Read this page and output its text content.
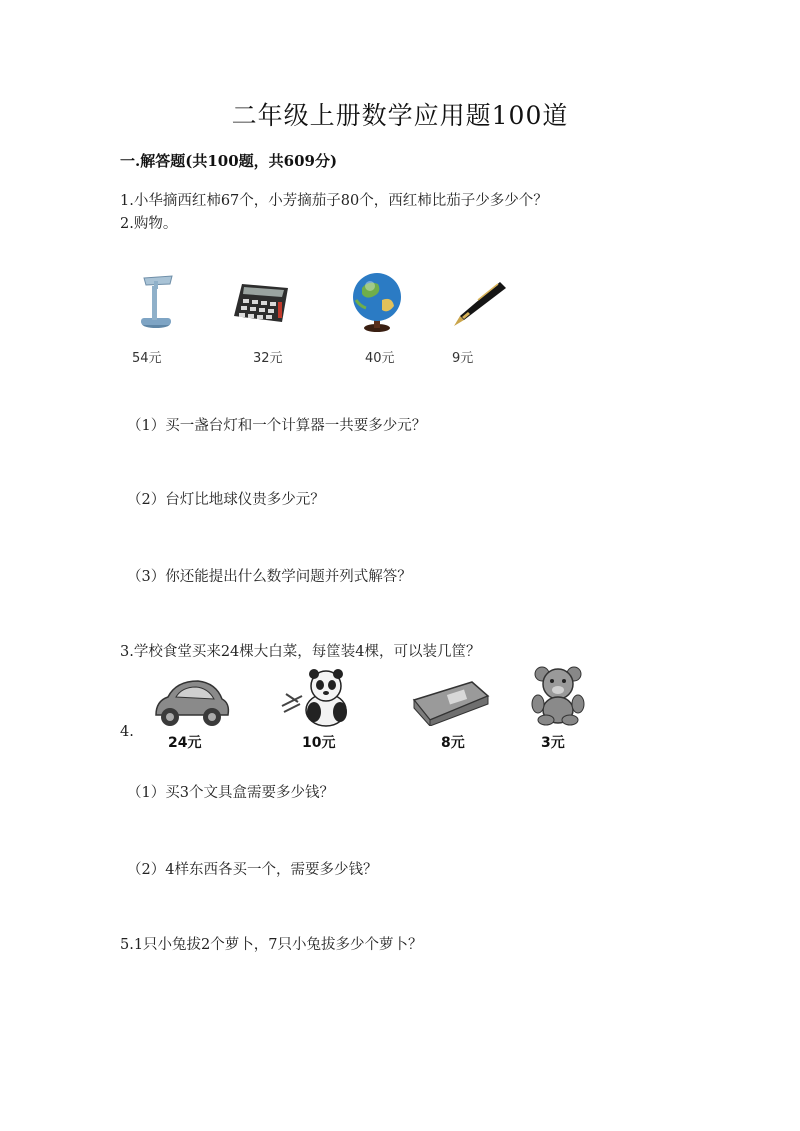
二年级上册数学应用题100道
一.解答题(共100题，共609分)
1.小华摘西红柿67个，小芳摘茄子80个，西红柿比茄子少多少个？
2.购物。
54元	32元	40元	9元
（1）买一盏台灯和一个计算器一共要多少元？
（2）台灯比地球仪贵多少元？
（3）你还能提出什么数学问题并列式解答？
3.学校食堂买来24棵大白菜，每筐装4棵，可以装几筐？
4.
24元	10元	8元	3元
（1）买3个文具盒需要多少钱？
（2）4样东西各买一个，需要多少钱？
5.1只小兔拔2个萝卜，7只小兔拔多少个萝卜？
